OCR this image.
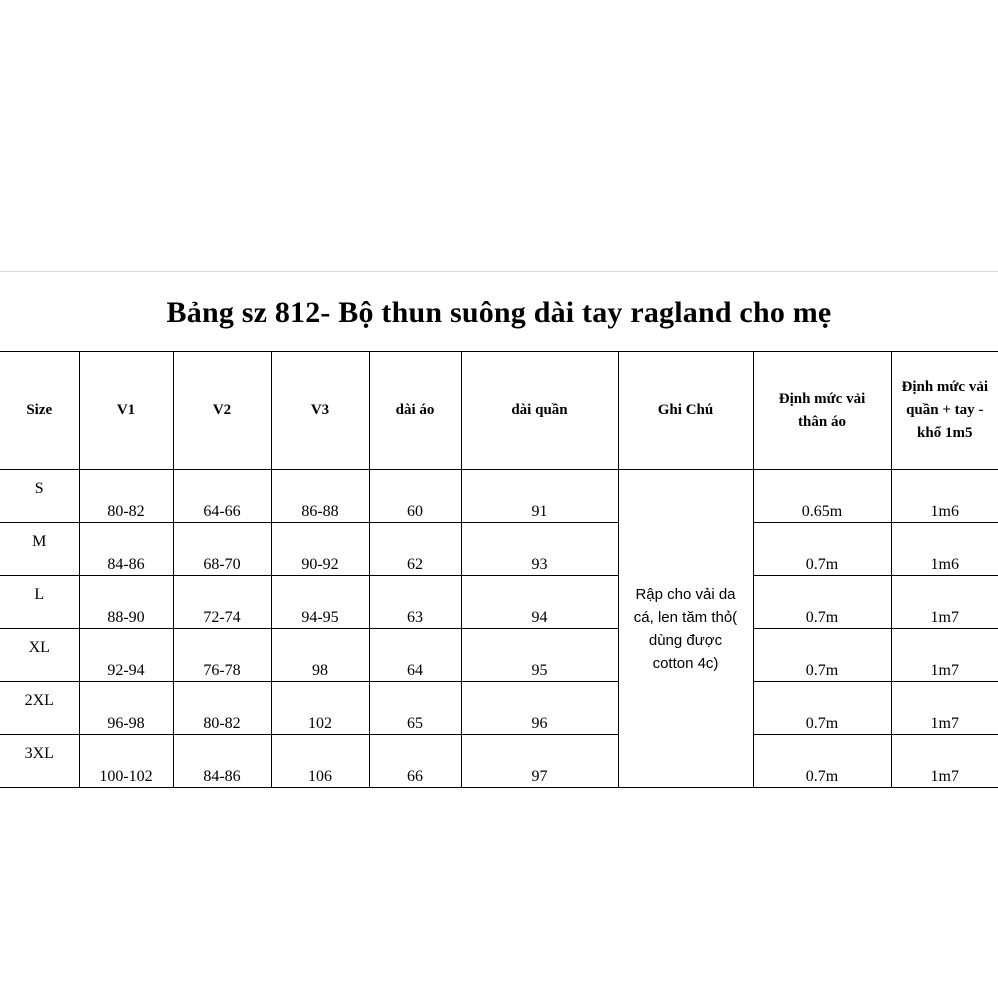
Bảng sz 812- Bộ thun suông dài tay ragland cho mẹ
Size	V1	V2	V3	dài áo	dài quần	Ghi Chú	Định mức vải thân áo	Định mức vải quần + tay - khổ 1m5
S	80-82	64-66	86-88	60	91	Rập cho vải da cá, len tăm thỏ( dùng được cotton 4c)	0.65m	1m6
M	84-86	68-70	90-92	62	93		0.7m	1m6
L	88-90	72-74	94-95	63	94		0.7m	1m7
XL	92-94	76-78	98	64	95		0.7m	1m7
2XL	96-98	80-82	102	65	96		0.7m	1m7
3XL	100-102	84-86	106	66	97		0.7m	1m7
